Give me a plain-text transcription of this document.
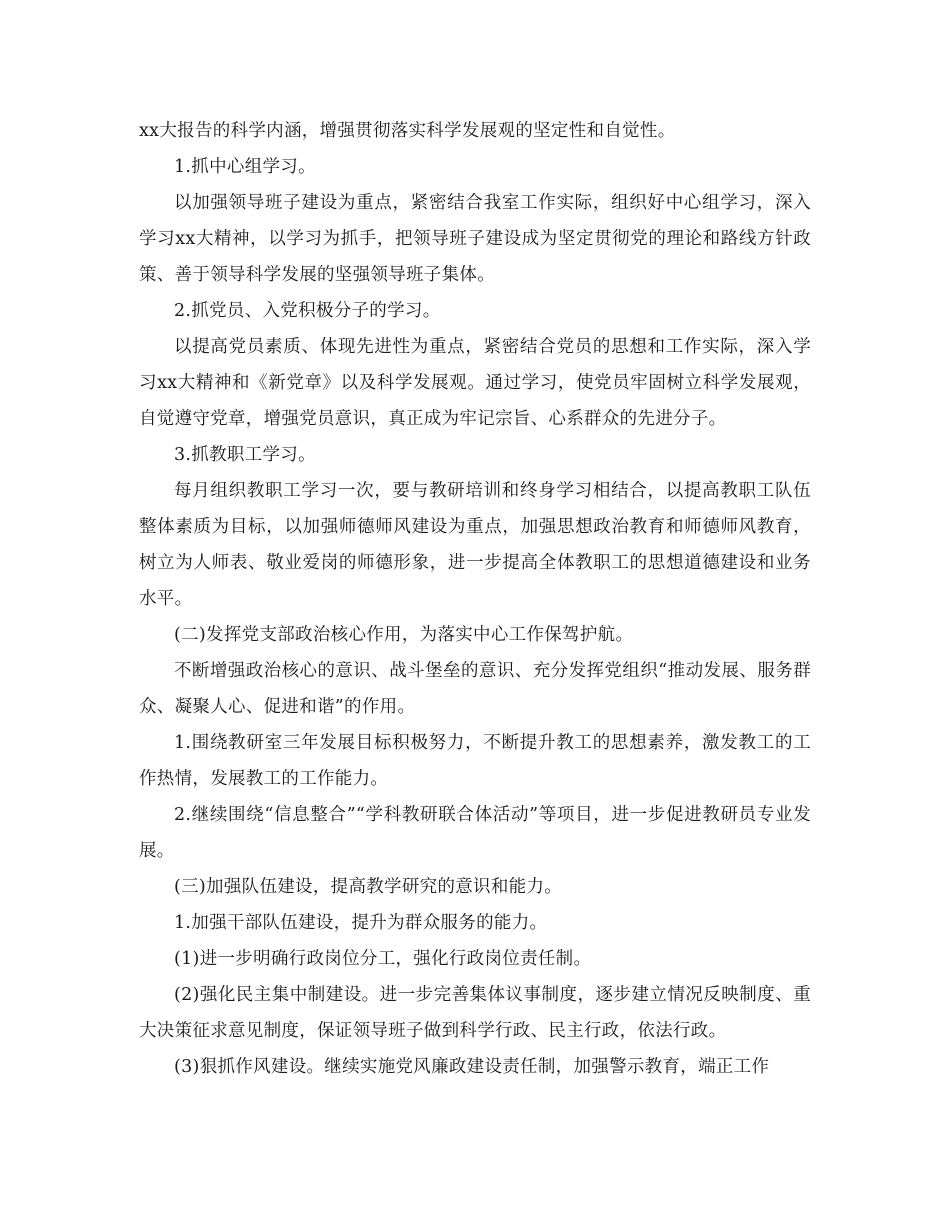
xx大报告的科学内涵，增强贯彻落实科学发展观的坚定性和自觉性。

1.抓中心组学习。

以加强领导班子建设为重点，紧密结合我室工作实际，组织好中心组学习，深入学习xx大精神，以学习为抓手，把领导班子建设成为坚定贯彻党的理论和路线方针政策、善于领导科学发展的坚强领导班子集体。

2.抓党员、入党积极分子的学习。

以提高党员素质、体现先进性为重点，紧密结合党员的思想和工作实际，深入学习xx大精神和《新党章》以及科学发展观。通过学习，使党员牢固树立科学发展观，自觉遵守党章，增强党员意识，真正成为牢记宗旨、心系群众的先进分子。

3.抓教职工学习。

每月组织教职工学习一次，要与教研培训和终身学习相结合，以提高教职工队伍整体素质为目标，以加强师德师风建设为重点，加强思想政治教育和师德师风教育，树立为人师表、敬业爱岗的师德形象，进一步提高全体教职工的思想道德建设和业务水平。

(二)发挥党支部政治核心作用，为落实中心工作保驾护航。

不断增强政治核心的意识、战斗堡垒的意识、充分发挥党组织“推动发展、服务群众、凝聚人心、促进和谐”的作用。

1.围绕教研室三年发展目标积极努力，不断提升教工的思想素养，激发教工的工作热情，发展教工的工作能力。

2.继续围绕“信息整合”“学科教研联合体活动”等项目，进一步促进教研员专业发展。

(三)加强队伍建设，提高教学研究的意识和能力。

1.加强干部队伍建设，提升为群众服务的能力。

(1)进一步明确行政岗位分工，强化行政岗位责任制。

(2)强化民主集中制建设。进一步完善集体议事制度，逐步建立情况反映制度、重大决策征求意见制度，保证领导班子做到科学行政、民主行政，依法行政。

(3)狠抓作风建设。继续实施党风廉政建设责任制，加强警示教育，端正工作
